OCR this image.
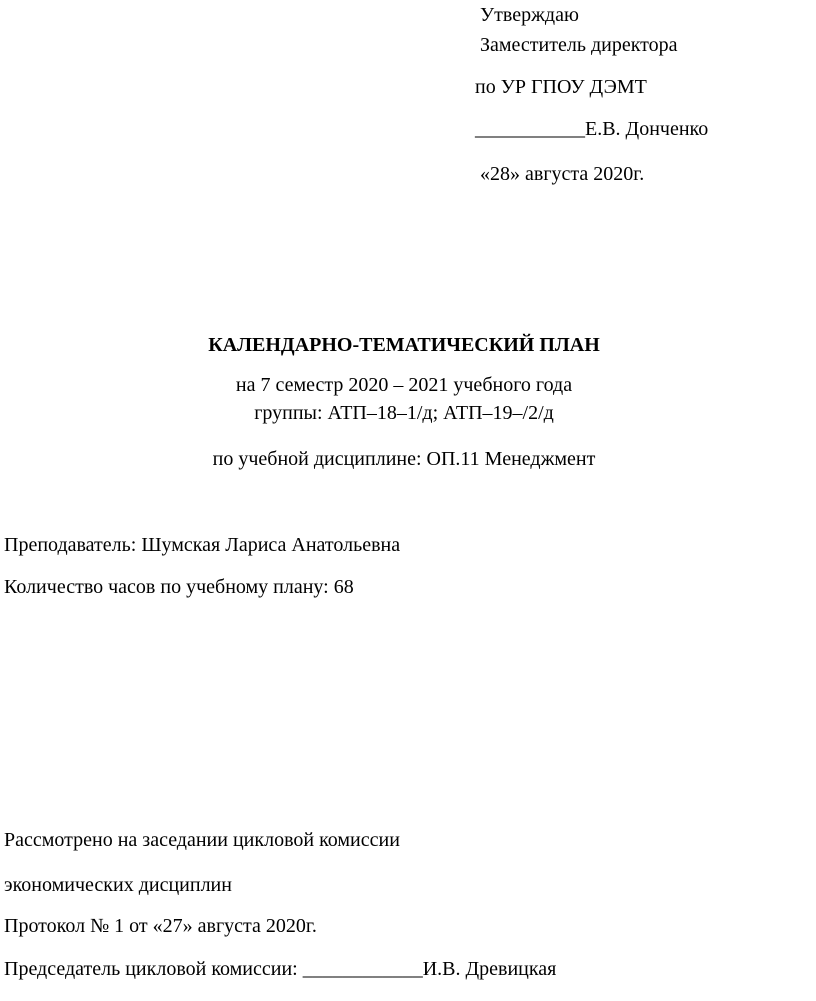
Утверждаю
Заместитель директора
по УР ГПОУ ДЭМТ
___________Е.В. Донченко
«28» августа 2020г.
КАЛЕНДАРНО-ТЕМАТИЧЕСКИЙ ПЛАН
на 7 семестр 2020 – 2021 учебного года
группы: АТП–18–1/д; АТП–19–/2/д
по учебной дисциплине: ОП.11 Менеджмент
Преподаватель: Шумская Лариса Анатольевна
Количество часов по учебному плану: 68
Рассмотрено на заседании цикловой комиссии
экономических дисциплин
Протокол № 1 от «27» августа 2020г.
Председатель цикловой комиссии: ____________И.В. Древицкая
